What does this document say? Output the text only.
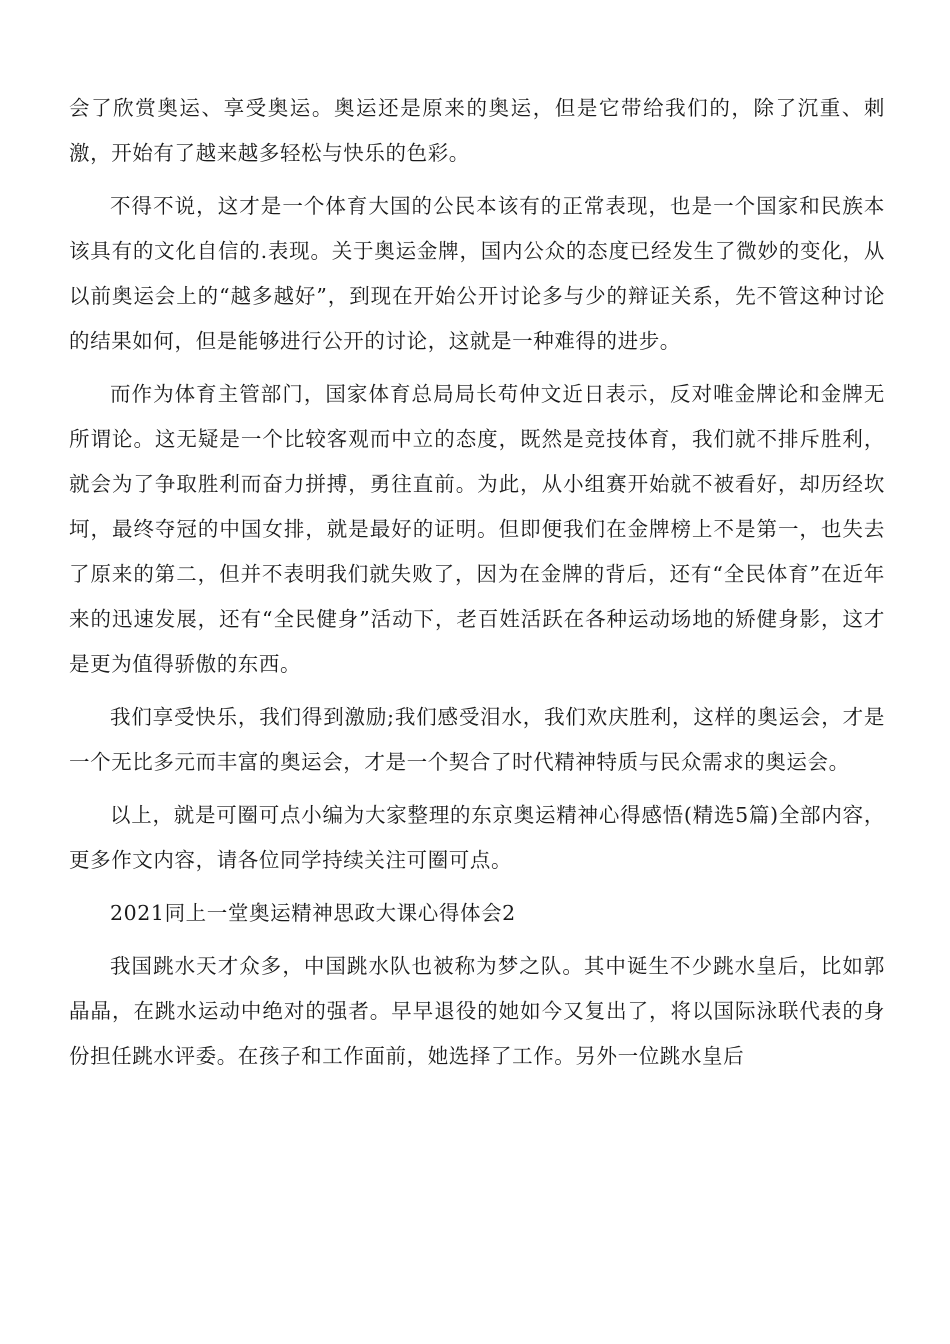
会了欣赏奥运、享受奥运。奥运还是原来的奥运，但是它带给我们的，除了沉重、刺激，开始有了越来越多轻松与快乐的色彩。

不得不说，这才是一个体育大国的公民本该有的正常表现，也是一个国家和民族本该具有的文化自信的.表现。关于奥运金牌，国内公众的态度已经发生了微妙的变化，从以前奥运会上的“越多越好”，到现在开始公开讨论多与少的辩证关系，先不管这种讨论的结果如何，但是能够进行公开的讨论，这就是一种难得的进步。

而作为体育主管部门，国家体育总局局长苟仲文近日表示，反对唯金牌论和金牌无所谓论。这无疑是一个比较客观而中立的态度，既然是竞技体育，我们就不排斥胜利，就会为了争取胜利而奋力拼搏，勇往直前。为此，从小组赛开始就不被看好，却历经坎坷，最终夺冠的中国女排，就是最好的证明。但即便我们在金牌榜上不是第一，也失去了原来的第二，但并不表明我们就失败了，因为在金牌的背后，还有“全民体育”在近年来的迅速发展，还有“全民健身”活动下，老百姓活跃在各种运动场地的矫健身影，这才是更为值得骄傲的东西。

我们享受快乐，我们得到激励;我们感受泪水，我们欢庆胜利，这样的奥运会，才是一个无比多元而丰富的奥运会，才是一个契合了时代精神特质与民众需求的奥运会。

以上，就是可圈可点小编为大家整理的东京奥运精神心得感悟(精选5篇)全部内容，更多作文内容，请各位同学持续关注可圈可点。

2021同上一堂奥运精神思政大课心得体会2

我国跳水天才众多，中国跳水队也被称为梦之队。其中诞生不少跳水皇后，比如郭晶晶，在跳水运动中绝对的强者。早早退役的她如今又复出了，将以国际泳联代表的身份担任跳水评委。在孩子和工作面前，她选择了工作。另外一位跳水皇后
